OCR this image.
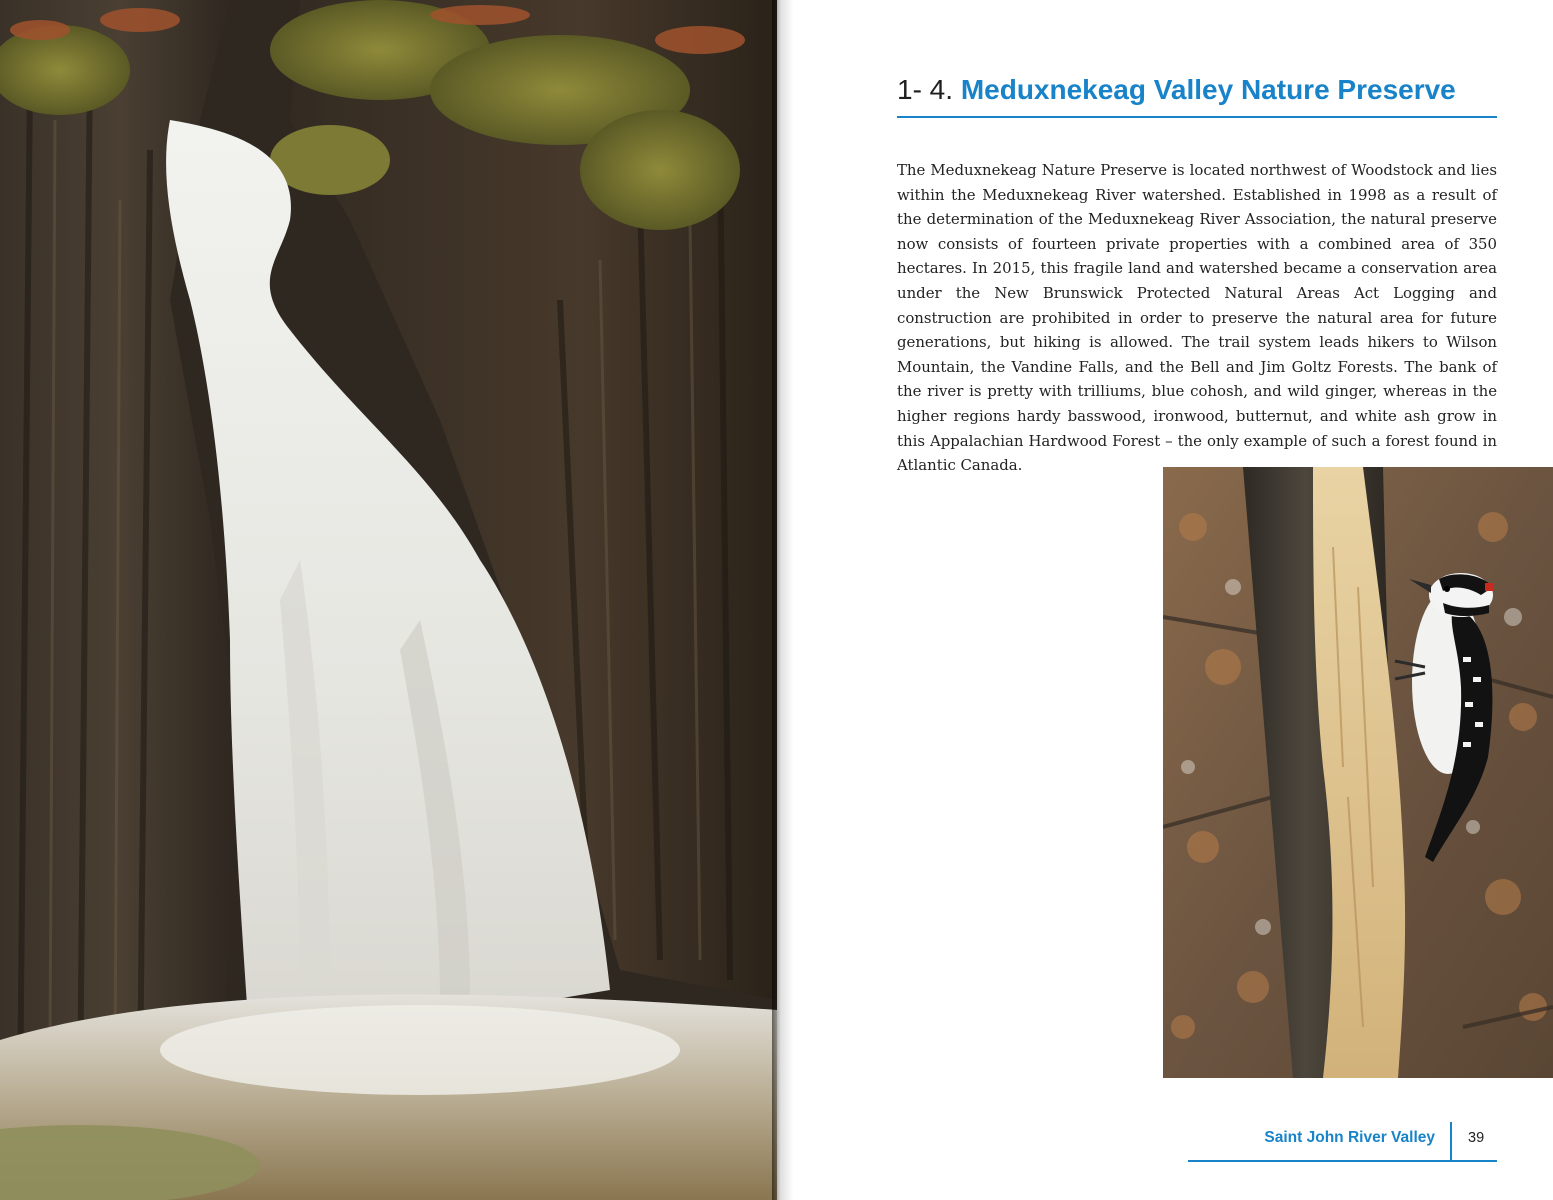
1- 4. Meduxnekeag Valley Nature Preserve

The Meduxnekeag Nature Preserve is located northwest of Woodstock and lies within the Meduxnekeag River watershed. Established in 1998 as a result of the determination of the Meduxnekeag River Association, the natural preserve now consists of fourteen private properties with a combined area of 350 hectares. In 2015, this fragile land and watershed became a conservation area under the New Brunswick Protected Natural Areas Act Logging and construction are prohibited in order to preserve the natural area for future generations, but hiking is allowed. The trail system leads hikers to Wilson Mountain, the Vandine Falls, and the Bell and Jim Goltz Forests. The bank of the river is pretty with trilliums, blue cohosh, and wild ginger, whereas in the higher regions hardy basswood, ironwood, butternut, and white ash grow in this Appalachian Hardwood Forest – the only example of such a forest found in Atlantic Canada.

Saint John River Valley 39
